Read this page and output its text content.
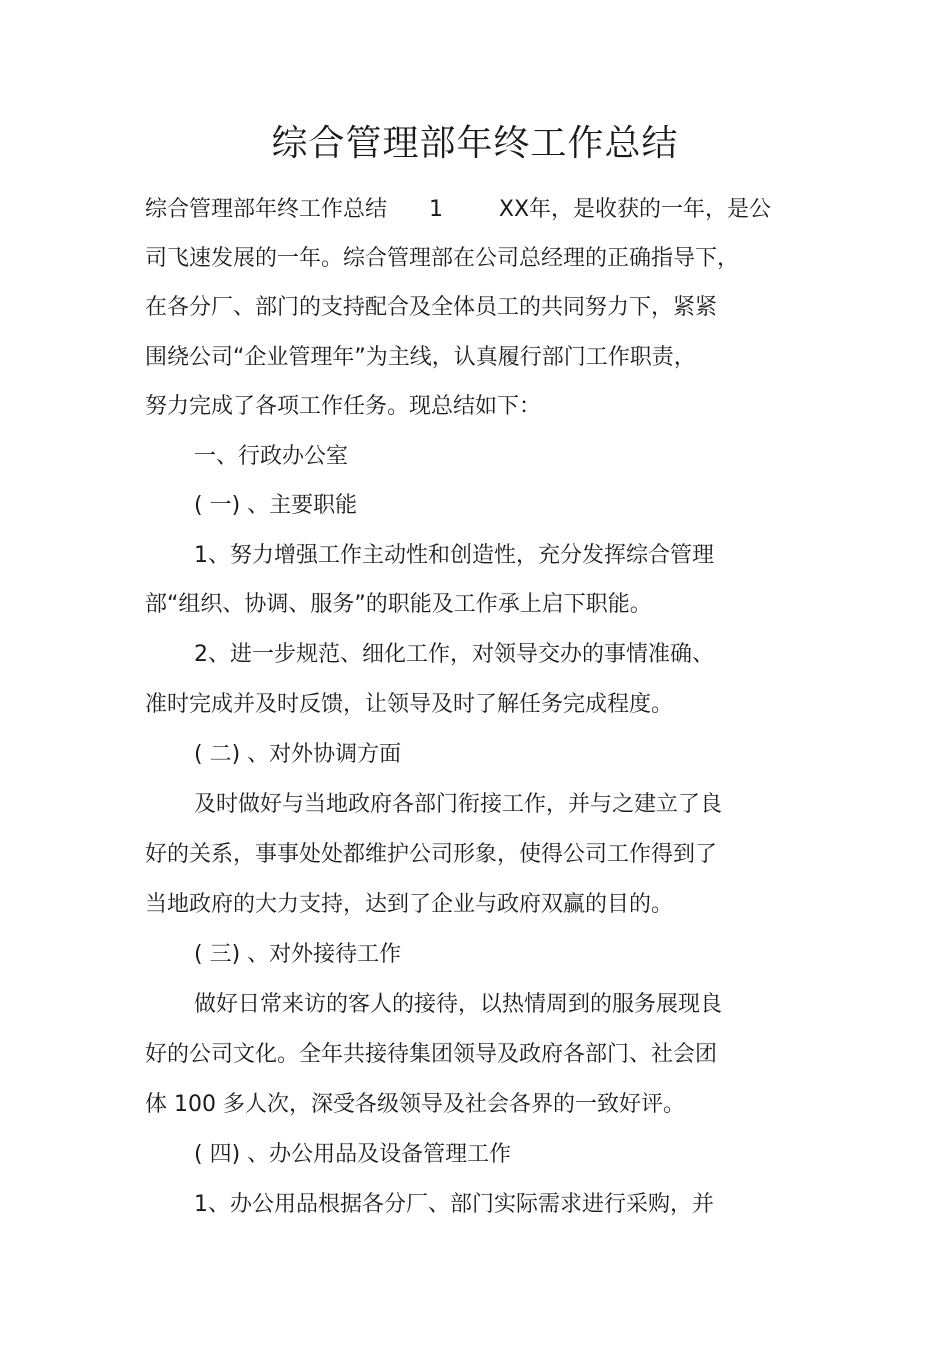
综合管理部年终工作总结

综合管理部年终工作总结      1        XX年，是收获的一年，是公

司飞速发展的一年。综合管理部在公司总经理的正确指导下，

在各分厂、部门的支持配合及全体员工的共同努力下，紧紧

围绕公司“企业管理年”为主线，认真履行部门工作职责，

努力完成了各项工作任务。现总结如下：

一、行政办公室

( 一) 、主要职能

1、努力增强工作主动性和创造性，充分发挥综合管理

部“组织、协调、服务”的职能及工作承上启下职能。

2、进一步规范、细化工作，对领导交办的事情准确、

准时完成并及时反馈，让领导及时了解任务完成程度。

( 二) 、对外协调方面

及时做好与当地政府各部门衔接工作，并与之建立了良

好的关系，事事处处都维护公司形象，使得公司工作得到了

当地政府的大力支持，达到了企业与政府双赢的目的。

( 三) 、对外接待工作

做好日常来访的客人的接待，以热情周到的服务展现良

好的公司文化。全年共接待集团领导及政府各部门、社会团

体 100 多人次，深受各级领导及社会各界的一致好评。

( 四) 、办公用品及设备管理工作

1、办公用品根据各分厂、部门实际需求进行采购，并
